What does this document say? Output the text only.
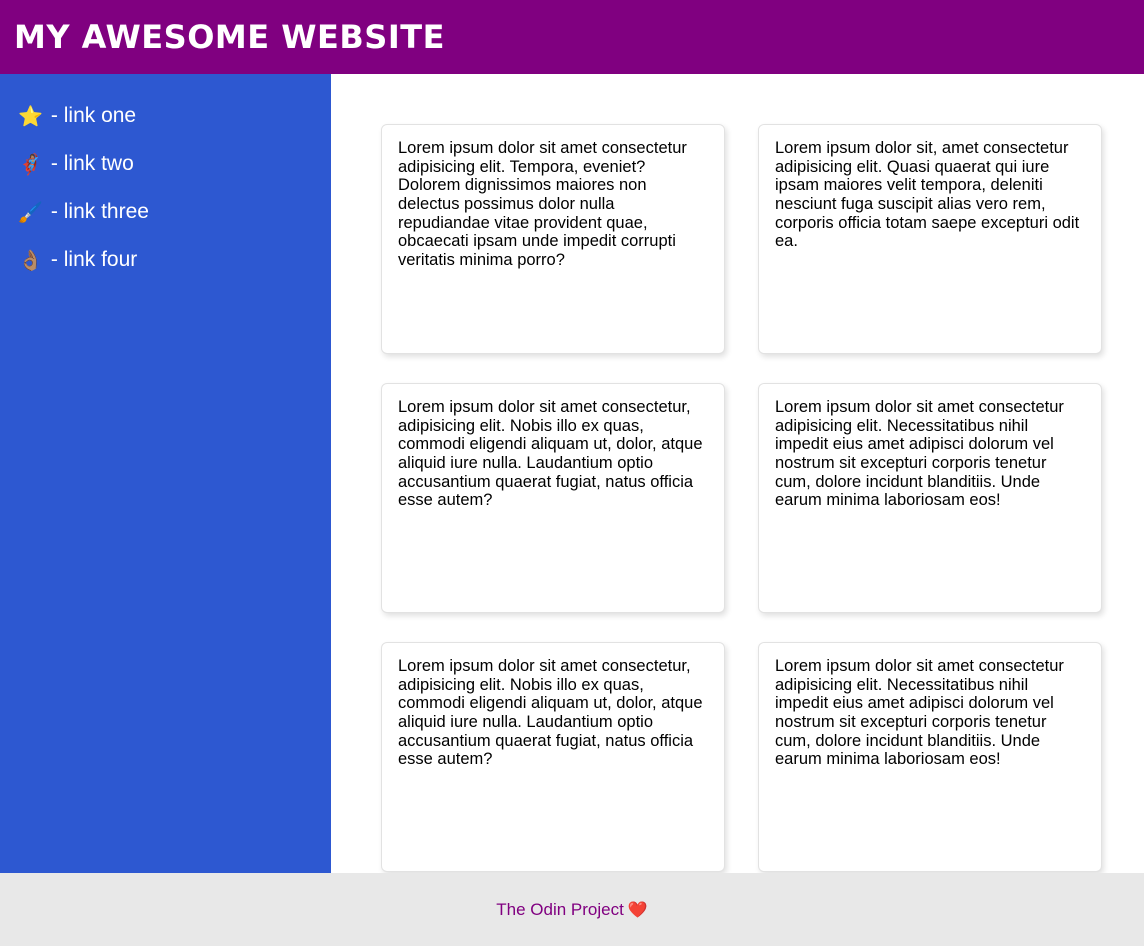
MY AWESOME WEBSITE
⭐ - link one
🦸🏽‍♀️ - link two
🖌️ - link three
👌🏽 - link four

Lorem ipsum dolor sit amet consectetur adipisicing elit. Tempora, eveniet? Dolorem dignissimos maiores non delectus possimus dolor nulla repudiandae vitae provident quae, obcaecati ipsam unde impedit corrupti veritatis minima porro?

Lorem ipsum dolor sit, amet consectetur adipisicing elit. Quasi quaerat qui iure ipsam maiores velit tempora, deleniti nesciunt fuga suscipit alias vero rem, corporis officia totam saepe excepturi odit ea.

Lorem ipsum dolor sit amet consectetur, adipisicing elit. Nobis illo ex quas, commodi eligendi aliquam ut, dolor, atque aliquid iure nulla. Laudantium optio accusantium quaerat fugiat, natus officia esse autem?

Lorem ipsum dolor sit amet consectetur adipisicing elit. Necessitatibus nihil impedit eius amet adipisci dolorum vel nostrum sit excepturi corporis tenetur cum, dolore incidunt blanditiis. Unde earum minima laboriosam eos!

Lorem ipsum dolor sit amet consectetur, adipisicing elit. Nobis illo ex quas, commodi eligendi aliquam ut, dolor, atque aliquid iure nulla. Laudantium optio accusantium quaerat fugiat, natus officia esse autem?

Lorem ipsum dolor sit amet consectetur adipisicing elit. Necessitatibus nihil impedit eius amet adipisci dolorum vel nostrum sit excepturi corporis tenetur cum, dolore incidunt blanditiis. Unde earum minima laboriosam eos!

The Odin Project ❤️
